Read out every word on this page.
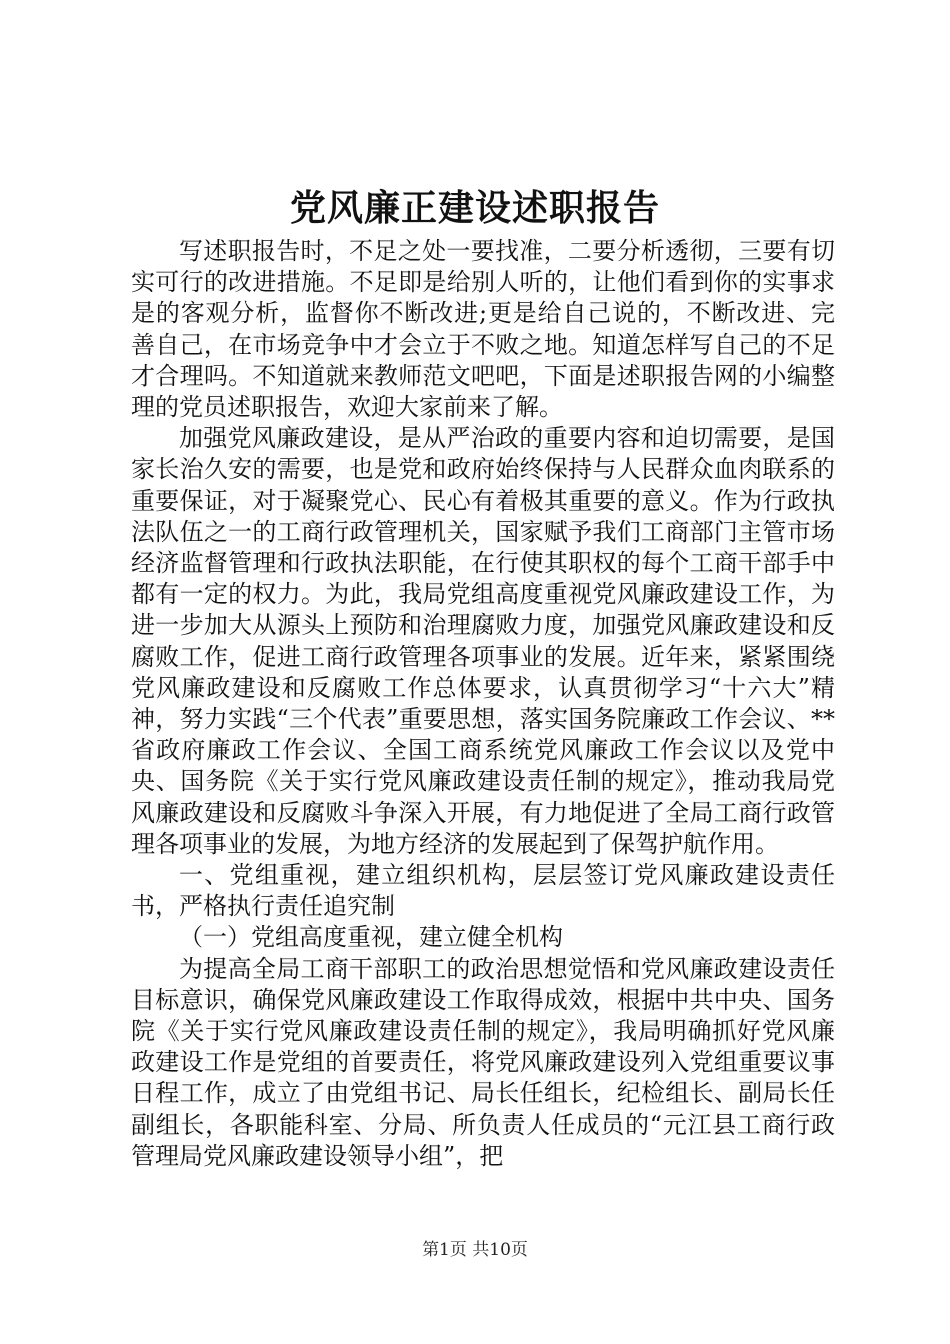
党风廉正建设述职报告

写述职报告时，不足之处一要找准，二要分析透彻，三要有切实可行的改进措施。不足即是给别人听的，让他们看到你的实事求是的客观分析，监督你不断改进;更是给自己说的，不断改进、完善自己，在市场竞争中才会立于不败之地。知道怎样写自己的不足才合理吗。不知道就来教师范文吧吧，下面是述职报告网的小编整理的党员述职报告，欢迎大家前来了解。

加强党风廉政建设，是从严治政的重要内容和迫切需要，是国家长治久安的需要，也是党和政府始终保持与人民群众血肉联系的重要保证，对于凝聚党心、民心有着极其重要的意义。作为行政执法队伍之一的工商行政管理机关，国家赋予我们工商部门主管市场经济监督管理和行政执法职能，在行使其职权的每个工商干部手中都有一定的权力。为此，我局党组高度重视党风廉政建设工作，为进一步加大从源头上预防和治理腐败力度，加强党风廉政建设和反腐败工作，促进工商行政管理各项事业的发展。近年来，紧紧围绕党风廉政建设和反腐败工作总体要求，认真贯彻学习“十六大”精神，努力实践“三个代表”重要思想，落实国务院廉政工作会议、**省政府廉政工作会议、全国工商系统党风廉政工作会议以及党中央、国务院《关于实行党风廉政建设责任制的规定》，推动我局党风廉政建设和反腐败斗争深入开展，有力地促进了全局工商行政管理各项事业的发展，为地方经济的发展起到了保驾护航作用。

一、党组重视，建立组织机构，层层签订党风廉政建设责任书，严格执行责任追究制

（一）党组高度重视，建立健全机构

为提高全局工商干部职工的政治思想觉悟和党风廉政建设责任目标意识，确保党风廉政建设工作取得成效，根据中共中央、国务院《关于实行党风廉政建设责任制的规定》，我局明确抓好党风廉政建设工作是党组的首要责任，将党风廉政建设列入党组重要议事日程工作，成立了由党组书记、局长任组长，纪检组长、副局长任副组长，各职能科室、分局、所负责人任成员的“元江县工商行政管理局党风廉政建设领导小组”，把

第1页 共10页
